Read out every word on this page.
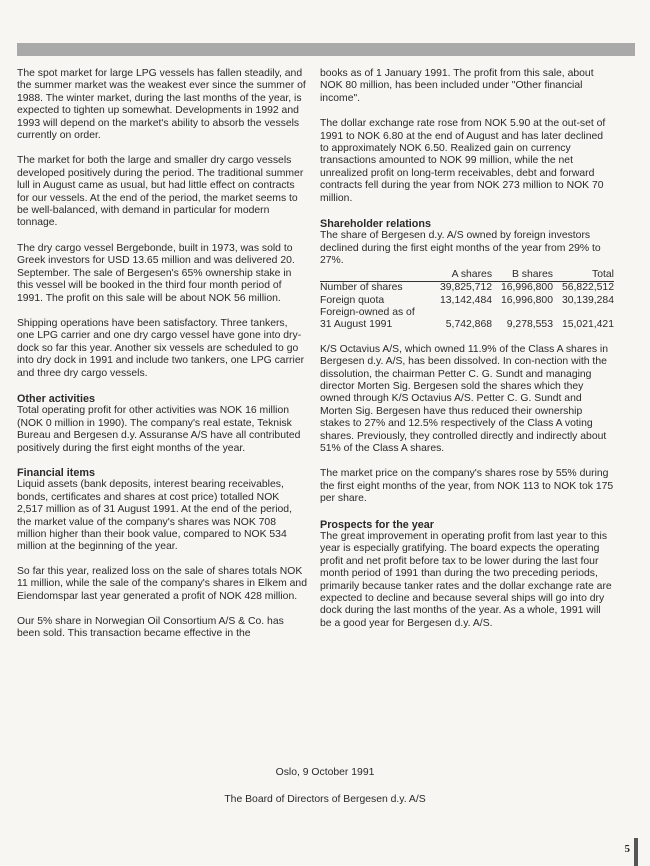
The spot market for large LPG vessels has fallen steadily, and the summer market was the weakest ever since the summer of 1988. The winter market, during the last months of the year, is expected to tighten up somewhat. Developments in 1992 and 1993 will depend on the market's ability to absorb the vessels currently on order.

The market for both the large and smaller dry cargo vessels developed positively during the period. The traditional summer lull in August came as usual, but had little effect on contracts for our vessels. At the end of the period, the market seems to be well-balanced, with demand in particular for modern tonnage.

The dry cargo vessel Bergebonde, built in 1973, was sold to Greek investors for USD 13.65 million and was delivered 20. September. The sale of Bergesen's 65% ownership stake in this vessel will be booked in the third four month period of 1991. The profit on this sale will be about NOK 56 million.

Shipping operations have been satisfactory. Three tankers, one LPG carrier and one dry cargo vessel have gone into dry-dock so far this year. Another six vessels are scheduled to go into dry dock in 1991 and include two tankers, one LPG carrier and three dry cargo vessels.

Other activities

Total operating profit for other activities was NOK 16 million (NOK 0 million in 1990). The company's real estate, Teknisk Bureau and Bergesen d.y. Assuranse A/S have all contributed positively during the first eight months of the year.

Financial items

Liquid assets (bank deposits, interest bearing receivables, bonds, certificates and shares at cost price) totalled NOK 2,517 million as of 31 August 1991. At the end of the period, the market value of the company's shares was NOK 708 million higher than their book value, compared to NOK 534 million at the beginning of the year.

So far this year, realized loss on the sale of shares totals NOK 11 million, while the sale of the company's shares in Elkem and Eiendomspar last year generated a profit of NOK 428 million.

Our 5% share in Norwegian Oil Consortium A/S & Co. has been sold. This transaction became effective in the

books as of 1 January 1991. The profit from this sale, about NOK 80 million, has been included under "Other financial income".

The dollar exchange rate rose from NOK 5.90 at the out-set of 1991 to NOK 6.80 at the end of August and has later declined to approximately NOK 6.50. Realized gain on currency transactions amounted to NOK 99 million, while the net unrealized profit on long-term receivables, debt and forward contracts fell during the year from NOK 273 million to NOK 70 million.

Shareholder relations

The share of Bergesen d.y. A/S owned by foreign investors declined during the first eight months of the year from 29% to 27%.

	A shares	B shares	Total
Number of shares	39,825,712	16,996,800	56,822,512
Foreign quota	13,142,484	16,996,800	30,139,284
Foreign-owned as of			
31 August 1991	5,742,868	9,278,553	15,021,421

K/S Octavius A/S, which owned 11.9% of the Class A shares in Bergesen d.y. A/S, has been dissolved. In con-nection with the dissolution, the chairman Petter C. G. Sundt and managing director Morten Sig. Bergesen sold the shares which they owned through K/S Octavius A/S. Petter C. G. Sundt and Morten Sig. Bergesen have thus reduced their ownership stakes to 27% and 12.5% respectively of the Class A voting shares. Previously, they controlled directly and indirectly about 51% of the Class A shares.

The market price on the company's shares rose by 55% during the first eight months of the year, from NOK 113 to NOK tok 175 per share.

Prospects for the year

The great improvement in operating profit from last year to this year is especially gratifying. The board expects the operating profit and net profit before tax to be lower during the last four month period of 1991 than during the two preceding periods, primarily because tanker rates and the dollar exchange rate are expected to decline and because several ships will go into dry dock during the last months of the year. As a whole, 1991 will be a good year for Bergesen d.y. A/S.

Oslo, 9 October 1991
The Board of Directors of Bergesen d.y. A/S
5
